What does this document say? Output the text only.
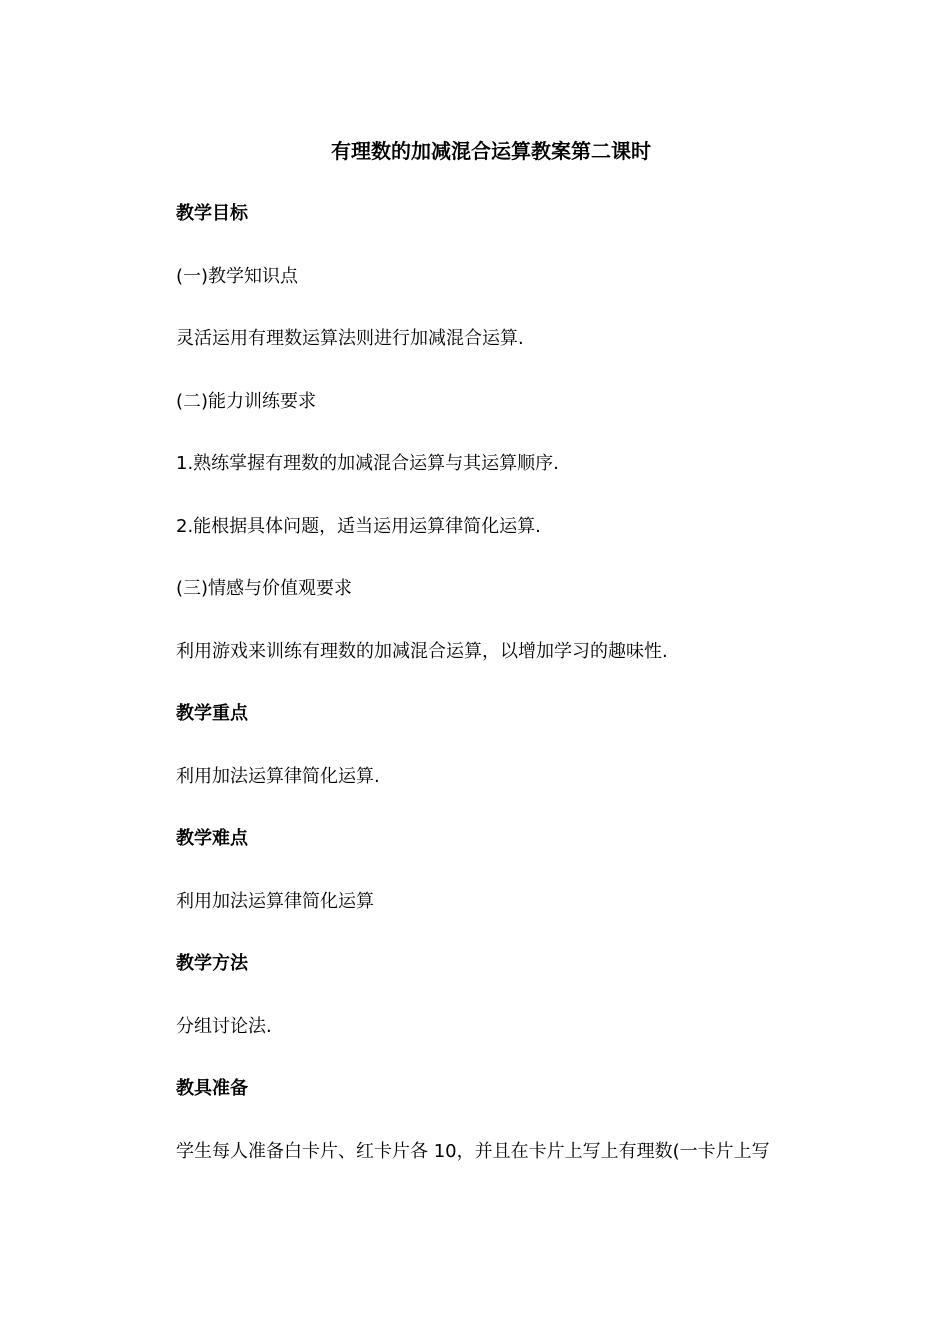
有理数的加减混合运算教案第二课时
教学目标
(一)教学知识点
灵活运用有理数运算法则进行加减混合运算.
(二)能力训练要求
1.熟练掌握有理数的加减混合运算与其运算顺序.
2.能根据具体问题，适当运用运算律简化运算.
(三)情感与价值观要求
利用游戏来训练有理数的加减混合运算，以增加学习的趣味性.
教学重点
利用加法运算律简化运算.
教学难点
利用加法运算律简化运算
教学方法
分组讨论法.
教具准备
学生每人准备白卡片、红卡片各 10，并且在卡片上写上有理数(一卡片上写
